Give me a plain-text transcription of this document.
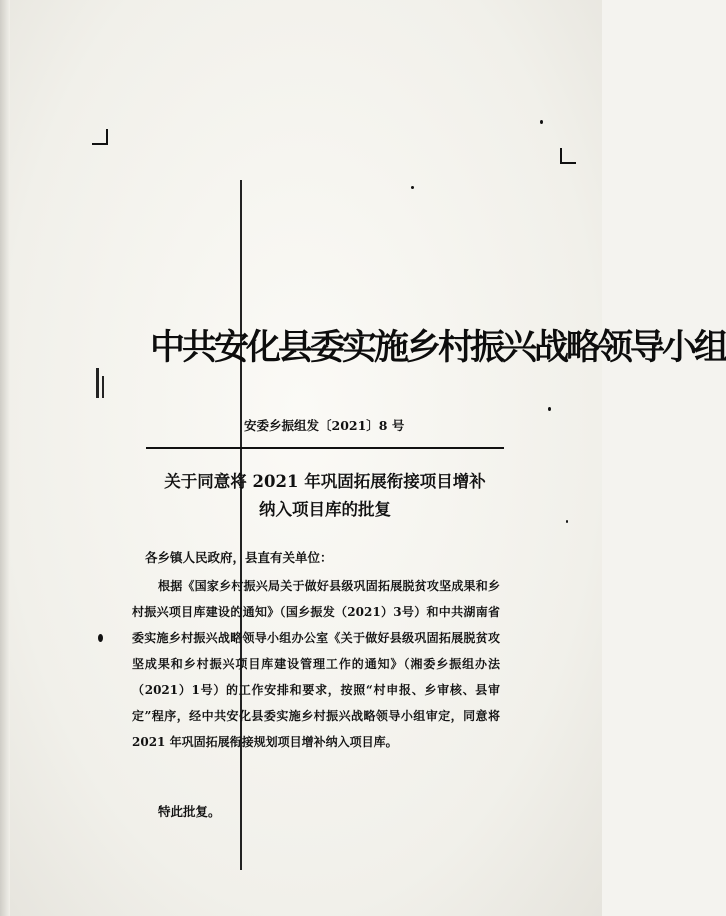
中共安化县委实施乡村振兴战略领导小组
安委乡振组发〔2021〕8 号
关于同意将 2021 年巩固拓展衔接项目增补
纳入项目库的批复
各乡镇人民政府，县直有关单位：

根据《国家乡村振兴局关于做好县级巩固拓展脱贫攻坚成果和乡村振兴项目库建设的通知》（国乡振发（2021）3号）和中共湖南省委实施乡村振兴战略领导小组办公室《关于做好县级巩固拓展脱贫攻坚成果和乡村振兴项目库建设管理工作的通知》（湘委乡振组办法（2021）1号）的工作安排和要求，按照“村申报、乡审核、县审定”程序，经中共安化县委实施乡村振兴战略领导小组审定，同意将 2021 年巩固拓展衔接规划项目增补纳入项目库。

特此批复。
